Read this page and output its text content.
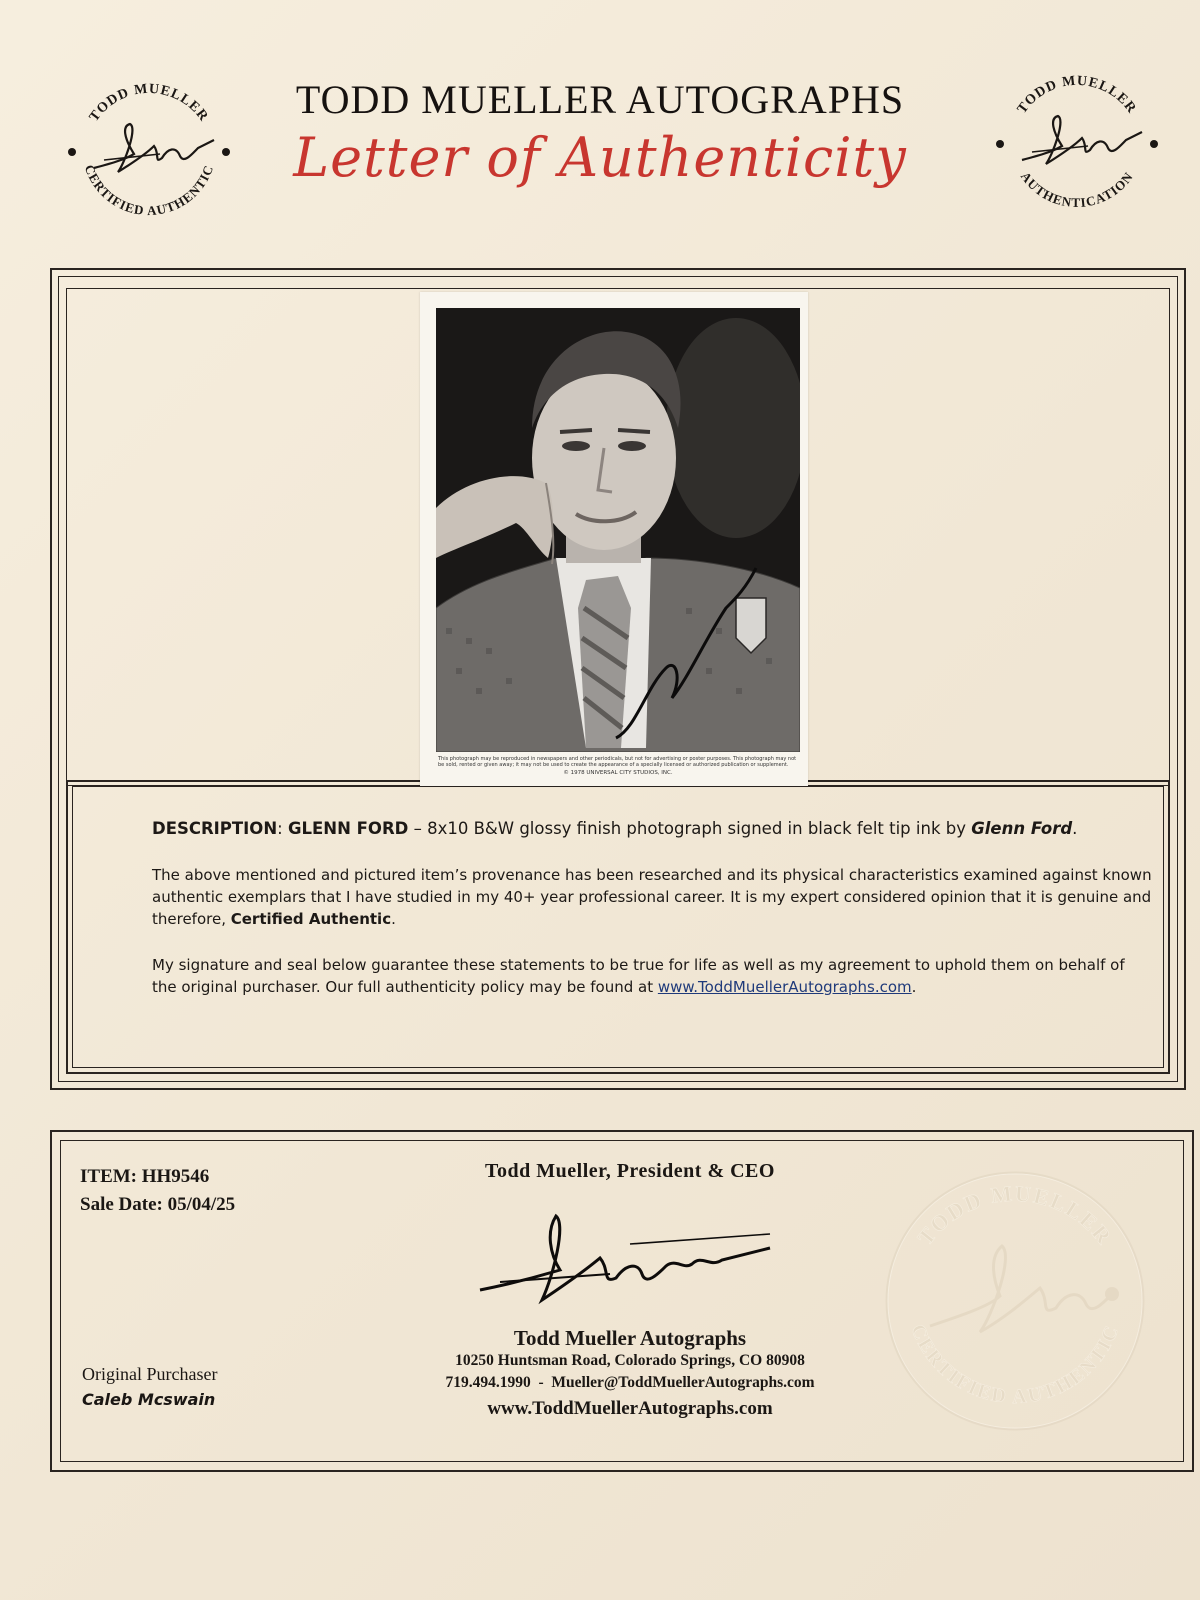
TODD MUELLER
CERTIFIED AUTHENTIC
TODD MUELLER
AUTHENTICATION
TODD MUELLER AUTOGRAPHS
Letter of Authenticity
This photograph may be reproduced in newspapers and other periodicals, but not for advertising or poster purposes. This photograph may not be sold, rented or given away; it may not be used to create the appearance of a specially licensed or authorized publication or supplement.
© 1978 UNIVERSAL CITY STUDIOS, INC.
DESCRIPTION: GLENN FORD – 8x10 B&W glossy finish photograph signed in black felt tip ink by Glenn Ford.
The above mentioned and pictured item’s provenance has been researched and its physical characteristics examined against known authentic exemplars that I have studied in my 40+ year professional career. It is my expert considered opinion that it is genuine and therefore, Certified Authentic.
My signature and seal below guarantee these statements to be true for life as well as my agreement to uphold them on behalf of the original purchaser. Our full authenticity policy may be found at www.ToddMuellerAutographs.com.
ITEM: HH9546
Sale Date: 05/04/25
Original Purchaser
Caleb Mcswain
Todd Mueller, President & CEO
Todd Mueller Autographs
10250 Huntsman Road, Colorado Springs, CO 80908
719.494.1990  -  Mueller@ToddMuellerAutographs.com
www.ToddMuellerAutographs.com
TODD MUELLER
CERTIFIED AUTHENTIC
